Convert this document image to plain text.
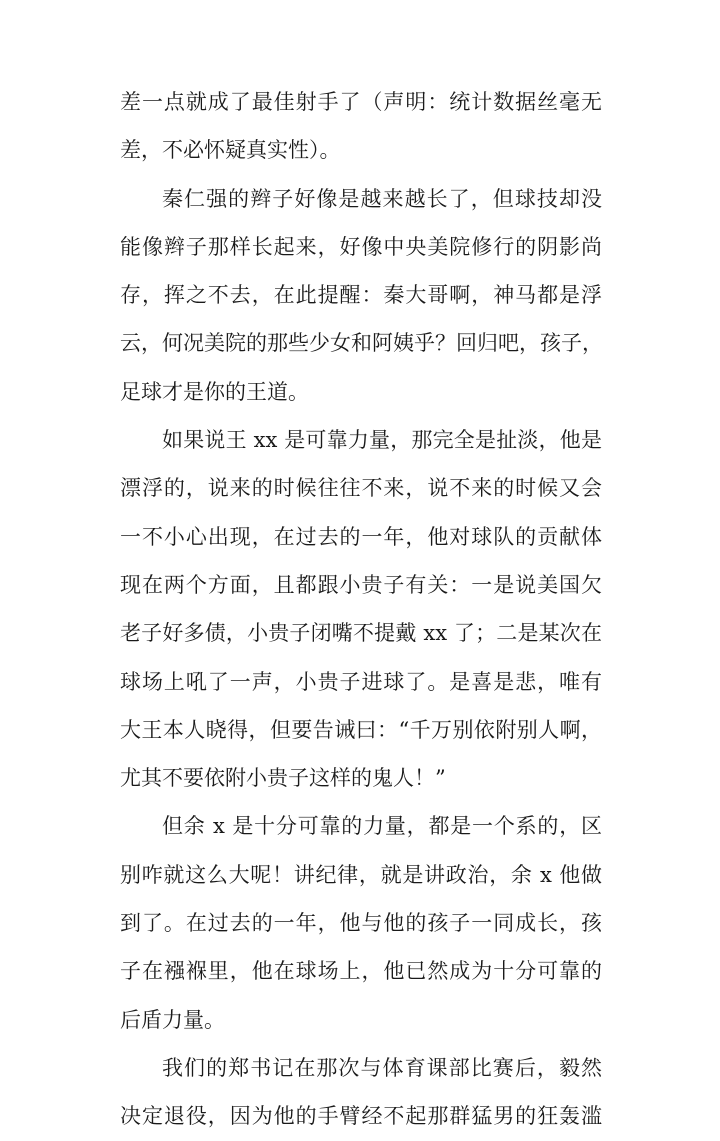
差一点就成了最佳射手了（声明：统计数据丝毫无
差，不必怀疑真实性）。
秦仁强的辫子好像是越来越长了，但球技却没
能像辫子那样长起来，好像中央美院修行的阴影尚
存，挥之不去，在此提醒：秦大哥啊，神马都是浮
云，何况美院的那些少女和阿姨乎？回归吧，孩子，
足球才是你的王道。
如果说王 xx 是可靠力量，那完全是扯淡，他是
漂浮的，说来的时候往往不来，说不来的时候又会
一不小心出现，在过去的一年，他对球队的贡献体
现在两个方面，且都跟小贵子有关：一是说美国欠
老子好多债，小贵子闭嘴不提戴 xx 了；二是某次在
球场上吼了一声，小贵子进球了。是喜是悲，唯有
大王本人晓得，但要告诫曰：“千万别依附别人啊，
尤其不要依附小贵子这样的鬼人！”
但余 x 是十分可靠的力量，都是一个系的，区
别咋就这么大呢！讲纪律，就是讲政治，余 x 他做
到了。在过去的一年，他与他的孩子一同成长，孩
子在襁褓里，他在球场上，他已然成为十分可靠的
后盾力量。
我们的郑书记在那次与体育课部比赛后，毅然
决定退役，因为他的手臂经不起那群猛男的狂轰滥
